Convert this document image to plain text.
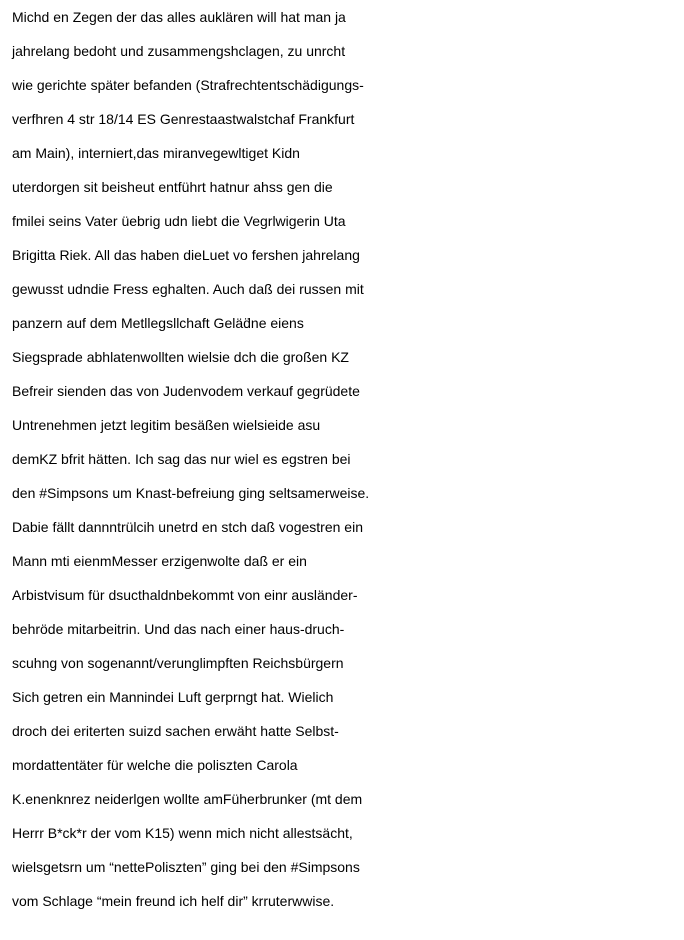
Michd en Zegen der das alles auklären will hat man ja
jahrelang bedoht und zusammengshclagen, zu unrcht
wie gerichte später befanden (Strafrechtentschädigungs-
verfhren 4 str 18/14 ES Genrestaastwalstchaf Frankfurt
am Main), interniert,das miranvegewltiget Kidn
uterdorgen sit beisheut entführt hatnur ahss gen die
fmilei seins Vater üebrig udn liebt die Vegrlwigerin Uta
Brigitta Riek. All das haben dieLuet vo fershen jahrelang
gewusst udndie Fress eghalten. Auch daß dei russen mit
panzern auf dem Metllegsllchaft Geläd̈ne eiens
Siegsprade abhlatenwollten wielsie dch die großen KZ
Befreir sienden das von Judenvodem verkauf gegrüdete
Untrenehmen jetzt legitim besäßen wielsieide asu
demKZ bfrit hätten. Ich sag das nur wiel es egstren bei
den #Simpsons um Knast-befreiung ging seltsamerweise.
Dabie fällt dannntrülcih unetrd en stch daß vogestren ein
Mann mti eienmMesser erzigenwolte daß er ein
Arbistvisum für dsucthaldnbekommt von einr ausländer-
behröde mitarbeitrin. Und das nach einer haus-druch-
scuhng von sogenannt/verunglimpften Reichsbürgern
Sich getren ein Mannindei Luft gerprngt hat. Wielich
droch dei eriterten suizd sachen erwäht hatte Selbst-
mordattentäter für welche die poliszten Carola
K.enenknrez neiderlgen wollte amFüherbrunker (mt dem
Herrr B*ck*r der vom K15) wenn mich nicht allestsächt,
wielsgetsrn um “nettePoliszten” ging bei den #Simpsons
vom Schlage “mein freund ich helf dir” krruterwwise.
